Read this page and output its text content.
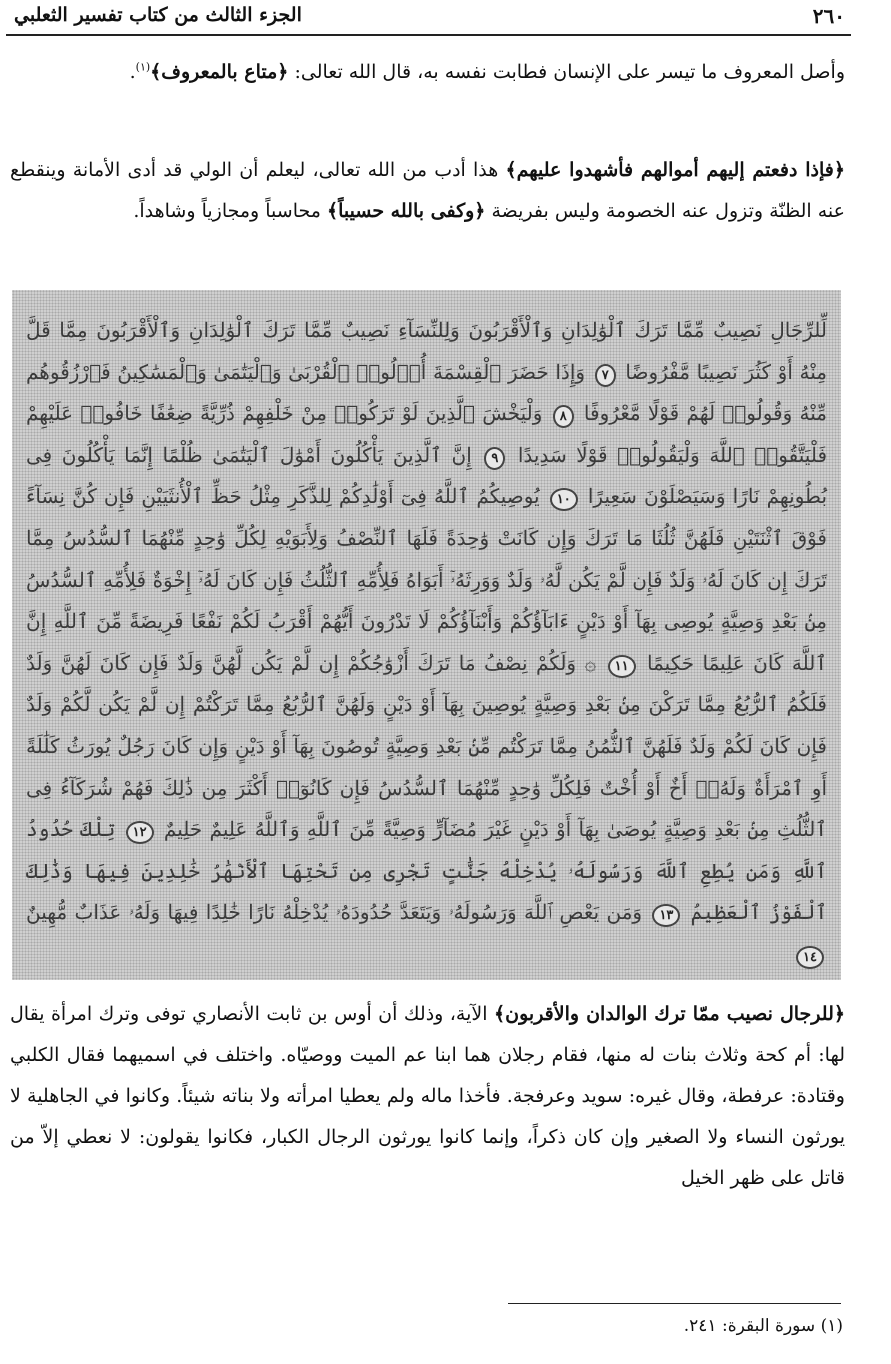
الجزء الثالث من كتاب تفسير الثعلبي	٢٦٠
وأصل المعروف ما تيسر على الإنسان فطابت نفسه به، قال الله تعالى: ﴿متاع بالمعروف﴾$^{(١)}$.
﴿فإذا دفعتم إليهم أموالهم فأشهدوا عليهم﴾ هذا أدب من الله تعالى، ليعلم أن الولي قد أدى الأمانة وينقطع عنه الظنّة وتزول عنه الخصومة وليس بفريضة ﴿وكفى بالله حسيباً﴾ محاسباً ومجازياً وشاهداً.
لِّلرِّجَالِ نَصِيبٌ مِّمَّا تَرَكَ ٱلْوَٰلِدَانِ وَٱلْأَقْرَبُونَ وَلِلنِّسَآءِ نَصِيبٌ مِّمَّا تَرَكَ ٱلْوَٰلِدَانِ وَٱلْأَقْرَبُونَ مِمَّا قَلَّ مِنْهُ أَوْ كَثُرَ نَصِيبًا مَّفْرُوضًا ٧ وَإِذَا حَضَرَ ٱلْقِسْمَةَ أُو۟لُوا۟ ٱلْقُرْبَىٰ وَٱلْيَتَٰمَىٰ وَٱلْمَسَٰكِينُ فَٱرْزُقُوهُم مِّنْهُ وَقُولُوا۟ لَهُمْ قَوْلًا مَّعْرُوفًا ٨ وَلْيَخْشَ ٱلَّذِينَ لَوْ تَرَكُوا۟ مِنْ خَلْفِهِمْ ذُرِّيَّةً ضِعَٰفًا خَافُوا۟ عَلَيْهِمْ فَلْيَتَّقُوا۟ ٱللَّهَ وَلْيَقُولُوا۟ قَوْلًا سَدِيدًا ٩ إِنَّ ٱلَّذِينَ يَأْكُلُونَ أَمْوَٰلَ ٱلْيَتَٰمَىٰ ظُلْمًا إِنَّمَا يَأْكُلُونَ فِى بُطُونِهِمْ نَارًا وَسَيَصْلَوْنَ سَعِيرًا ١٠ يُوصِيكُمُ ٱللَّهُ فِىٓ أَوْلَٰدِكُمْ لِلذَّكَرِ مِثْلُ حَظِّ ٱلْأُنثَيَيْنِ فَإِن كُنَّ نِسَآءً فَوْقَ ٱثْنَتَيْنِ فَلَهُنَّ ثُلُثَا مَا تَرَكَ وَإِن كَانَتْ وَٰحِدَةً فَلَهَا ٱلنِّصْفُ وَلِأَبَوَيْهِ لِكُلِّ وَٰحِدٍ مِّنْهُمَا ٱلسُّدُسُ مِمَّا تَرَكَ إِن كَانَ لَهُۥ وَلَدٌ فَإِن لَّمْ يَكُن لَّهُۥ وَلَدٌ وَوَرِثَهُۥٓ أَبَوَاهُ فَلِأُمِّهِ ٱلثُّلُثُ فَإِن كَانَ لَهُۥٓ إِخْوَةٌ فَلِأُمِّهِ ٱلسُّدُسُ مِنۢ بَعْدِ وَصِيَّةٍ يُوصِى بِهَآ أَوْ دَيْنٍ ءَابَآؤُكُمْ وَأَبْنَآؤُكُمْ لَا تَدْرُونَ أَيُّهُمْ أَقْرَبُ لَكُمْ نَفْعًا فَرِيضَةً مِّنَ ٱللَّهِ إِنَّ ٱللَّهَ كَانَ عَلِيمًا حَكِيمًا ١١ ۞ وَلَكُمْ نِصْفُ مَا تَرَكَ أَزْوَٰجُكُمْ إِن لَّمْ يَكُن لَّهُنَّ وَلَدٌ فَإِن كَانَ لَهُنَّ وَلَدٌ فَلَكُمُ ٱلرُّبُعُ مِمَّا تَرَكْنَ مِنۢ بَعْدِ وَصِيَّةٍ يُوصِينَ بِهَآ أَوْ دَيْنٍ وَلَهُنَّ ٱلرُّبُعُ مِمَّا تَرَكْتُمْ إِن لَّمْ يَكُن لَّكُمْ وَلَدٌ فَإِن كَانَ لَكُمْ وَلَدٌ فَلَهُنَّ ٱلثُّمُنُ مِمَّا تَرَكْتُم مِّنۢ بَعْدِ وَصِيَّةٍ تُوصُونَ بِهَآ أَوْ دَيْنٍ وَإِن كَانَ رَجُلٌ يُورَثُ كَلَٰلَةً أَوِ ٱمْرَأَةٌ وَلَهُۥٓ أَخٌ أَوْ أُخْتٌ فَلِكُلِّ وَٰحِدٍ مِّنْهُمَا ٱلسُّدُسُ فَإِن كَانُوٓا۟ أَكْثَرَ مِن ذَٰلِكَ فَهُمْ شُرَكَآءُ فِى ٱلثُّلُثِ مِنۢ بَعْدِ وَصِيَّةٍ يُوصَىٰ بِهَآ أَوْ دَيْنٍ غَيْرَ مُضَآرٍّ وَصِيَّةً مِّنَ ٱللَّهِ وَٱللَّهُ عَلِيمٌ حَلِيمٌ ١٢ تِلْكَ حُدُودُ ٱللَّهِ وَمَن يُطِعِ ٱللَّهَ وَرَسُولَهُۥ يُدْخِلْهُ جَنَّٰتٍ تَجْرِى مِن تَحْتِهَا ٱلْأَنْهَٰرُ خَٰلِدِينَ فِيهَا وَذَٰلِكَ ٱلْفَوْزُ ٱلْعَظِيمُ ١٣ وَمَن يَعْصِ ٱللَّهَ وَرَسُولَهُۥ وَيَتَعَدَّ حُدُودَهُۥ يُدْخِلْهُ نَارًا خَٰلِدًا فِيهَا وَلَهُۥ عَذَابٌ مُّهِينٌ ١٤
﴿للرجال نصيب ممّا ترك الوالدان والأقربون﴾ الآية، وذلك أن أوس بن ثابت الأنصاري توفى وترك امرأة يقال لها: أم كحة وثلاث بنات له منها، فقام رجلان هما ابنا عم الميت ووصيّاه. واختلف في اسميهما فقال الكلبي وقتادة: عرفطة، وقال غيره: سويد وعرفجة. فأخذا ماله ولم يعطيا امرأته ولا بناته شيئاً. وكانوا في الجاهلية لا يورثون النساء ولا الصغير وإن كان ذكراً، وإنما كانوا يورثون الرجال الكبار، فكانوا يقولون: لا نعطي إلاّ من قاتل على ظهر الخيل
(١) سورة البقرة: ٢٤١.
